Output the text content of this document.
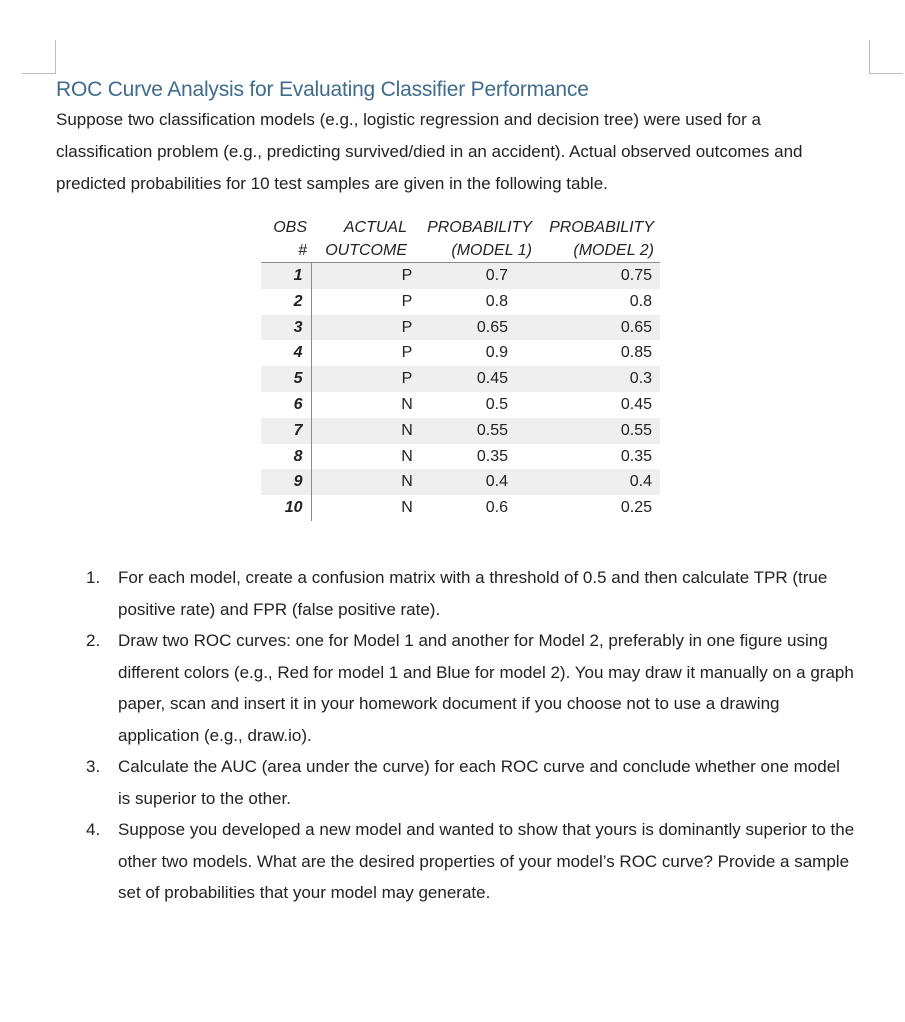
ROC Curve Analysis for Evaluating Classifier Performance

Suppose two classification models (e.g., logistic regression and decision tree) were used for a classification problem (e.g., predicting survived/died in an accident). Actual observed outcomes and predicted probabilities for 10 test samples are given in the following table.

OBS	ACTUAL	PROBABILITY	PROBABILITY
#	OUTCOME	(MODEL 1)	(MODEL 2)
1	P	0.7	0.75
2	P	0.8	0.8
3	P	0.65	0.65
4	P	0.9	0.85
5	P	0.45	0.3
6	N	0.5	0.45
7	N	0.55	0.55
8	N	0.35	0.35
9	N	0.4	0.4
10	N	0.6	0.25
1. For each model, create a confusion matrix with a threshold of 0.5 and then calculate TPR (true positive rate) and FPR (false positive rate).
2. Draw two ROC curves: one for Model 1 and another for Model 2, preferably in one figure using different colors (e.g., Red for model 1 and Blue for model 2). You may draw it manually on a graph paper, scan and insert it in your homework document if you choose not to use a drawing application (e.g., draw.io).
3. Calculate the AUC (area under the curve) for each ROC curve and conclude whether one model is superior to the other.
4. Suppose you developed a new model and wanted to show that yours is dominantly superior to the other two models. What are the desired properties of your model’s ROC curve? Provide a sample set of probabilities that your model may generate.
